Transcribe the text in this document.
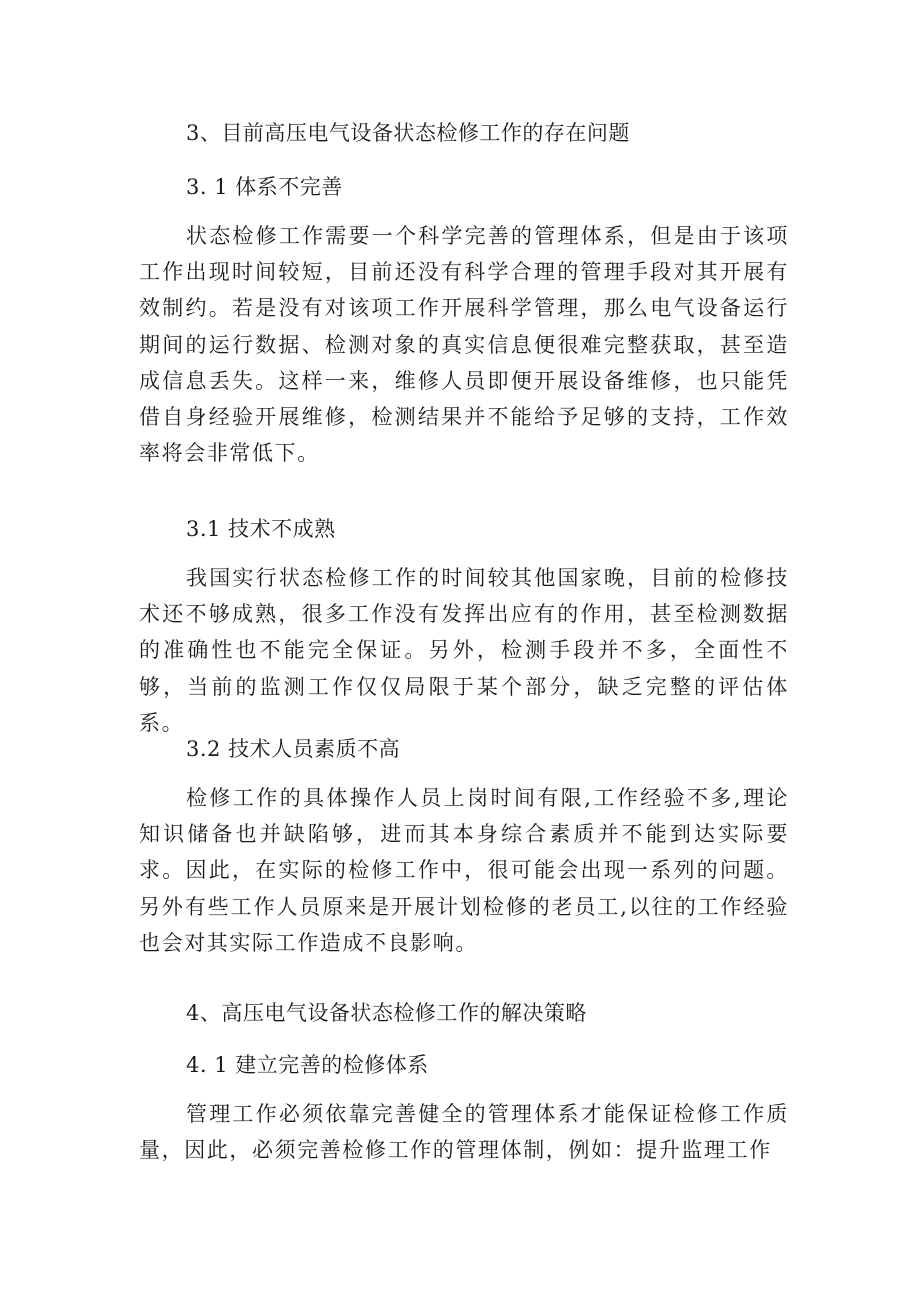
3、目前高压电气设备状态检修工作的存在问题
3. 1 体系不完善
状态检修工作需要一个科学完善的管理体系，但是由于该项工作出现时间较短，目前还没有科学合理的管理手段对其开展有效制约。若是没有对该项工作开展科学管理，那么电气设备运行期间的运行数据、检测对象的真实信息便很难完整获取，甚至造成信息丢失。这样一来，维修人员即便开展设备维修，也只能凭借自身经验开展维修，检测结果并不能给予足够的支持，工作效率将会非常低下。
3.1 技术不成熟
我国实行状态检修工作的时间较其他国家晚，目前的检修技术还不够成熟，很多工作没有发挥出应有的作用，甚至检测数据的准确性也不能完全保证。另外，检测手段并不多，全面性不够，当前的监测工作仅仅局限于某个部分，缺乏完整的评估体系。
3.2 技术人员素质不高
检修工作的具体操作人员上岗时间有限,工作经验不多,理论知识储备也并缺陷够，进而其本身综合素质并不能到达实际要求。因此，在实际的检修工作中，很可能会出现一系列的问题。另外有些工作人员原来是开展计划检修的老员工,以往的工作经验也会对其实际工作造成不良影响。
4、高压电气设备状态检修工作的解决策略
4. 1 建立完善的检修体系
管理工作必须依靠完善健全的管理体系才能保证检修工作质量，因此，必须完善检修工作的管理体制，例如：提升监理工作
